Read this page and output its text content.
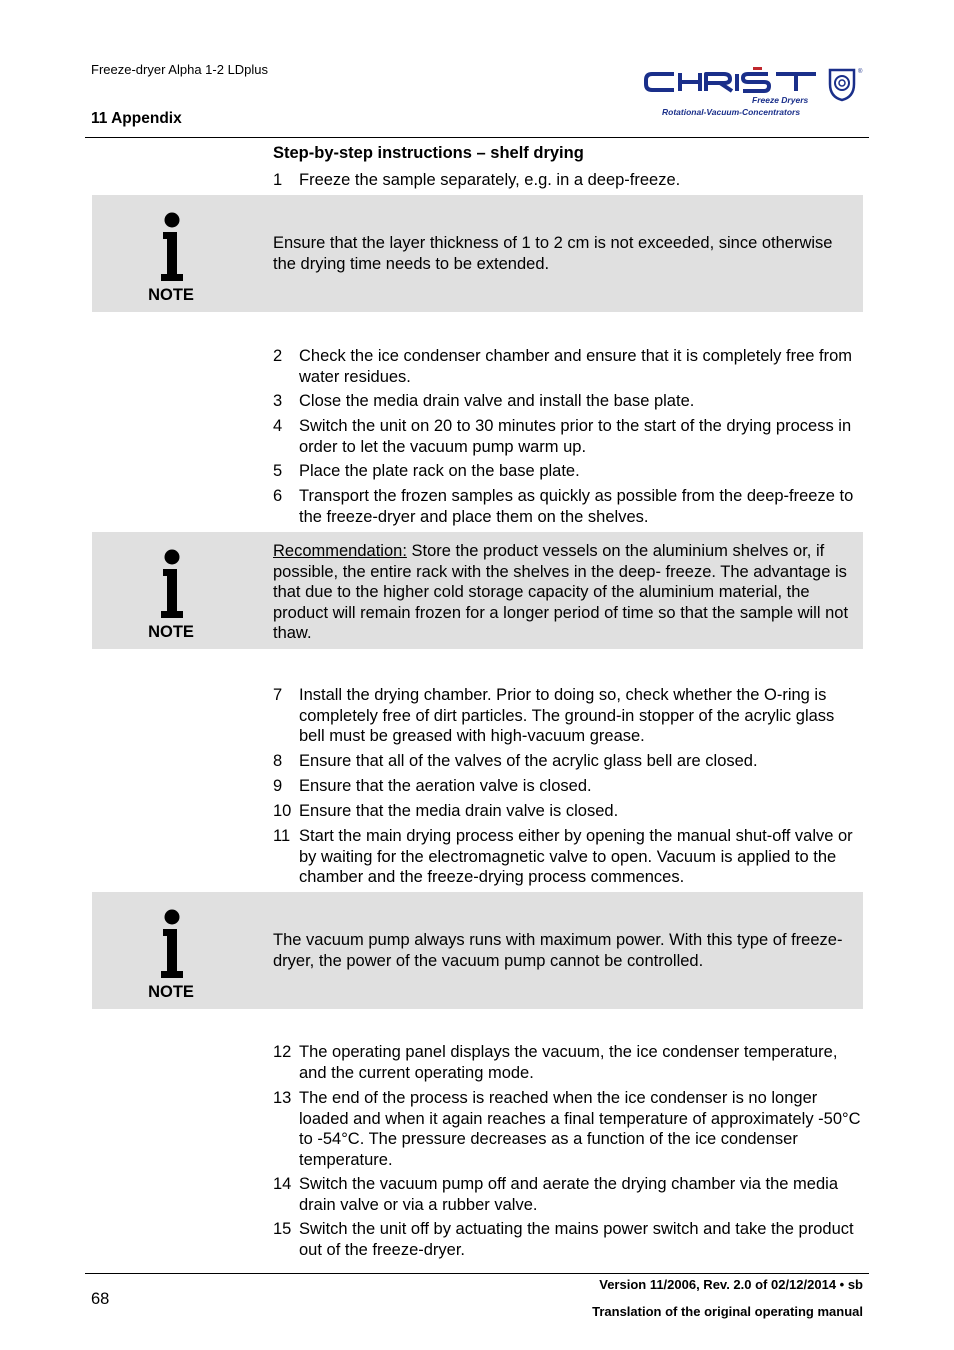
Freeze-dryer Alpha 1-2 LDplus
11 Appendix
®
Freeze Dryers
Rotational-Vacuum-Concentrators
Step-by-step instructions – shelf drying
1	Freeze the sample separately, e.g. in a deep-freeze.
NOTE
Ensure that the layer thickness of 1 to 2 cm is not exceeded, since otherwise the drying time needs to be extended.
2	Check the ice condenser chamber and ensure that it is completely free from water residues.
3	Close the media drain valve and install the base plate.
4	Switch the unit on 20 to 30 minutes prior to the start of the drying process in order to let the vacuum pump warm up.
5	Place the plate rack on the base plate.
6	Transport the frozen samples as quickly as possible from the deep-freeze to the freeze-dryer and place them on the shelves.
NOTE
Recommendation: Store the product vessels on the aluminium shelves or, if possible, the entire rack with the shelves in the deep- freeze. The advantage is that due to the higher cold storage capacity of the aluminium material, the product will remain frozen for a longer period of time so that the sample will not thaw.
7	Install the drying chamber. Prior to doing so, check whether the O-ring is completely free of dirt particles. The ground-in stopper of the acrylic glass bell must be greased with high-vacuum grease.
8	Ensure that all of the valves of the acrylic glass bell are closed.
9	Ensure that the aeration valve is closed.
10 Ensure that the media drain valve is closed.
11 Start the main drying process either by opening the manual shut-off valve or by waiting for the electromagnetic valve to open. Vacuum is applied to the chamber and the freeze-drying process commences.
NOTE
The vacuum pump always runs with maximum power. With this type of freeze-dryer, the power of the vacuum pump cannot be controlled.
12 The operating panel displays the vacuum, the ice condenser temperature, and the current operating mode.
13 The end of the process is reached when the ice condenser is no longer loaded and when it again reaches a final temperature of approximately -50°C to -54°C. The pressure decreases as a function of the ice condenser temperature.
14 Switch the vacuum pump off and aerate the drying chamber via the media drain valve or via a rubber valve.
15 Switch the unit off by actuating the mains power switch and take the product out of the freeze-dryer.
68
Version 11/2006, Rev. 2.0 of 02/12/2014 • sb
Translation of the original operating manual
